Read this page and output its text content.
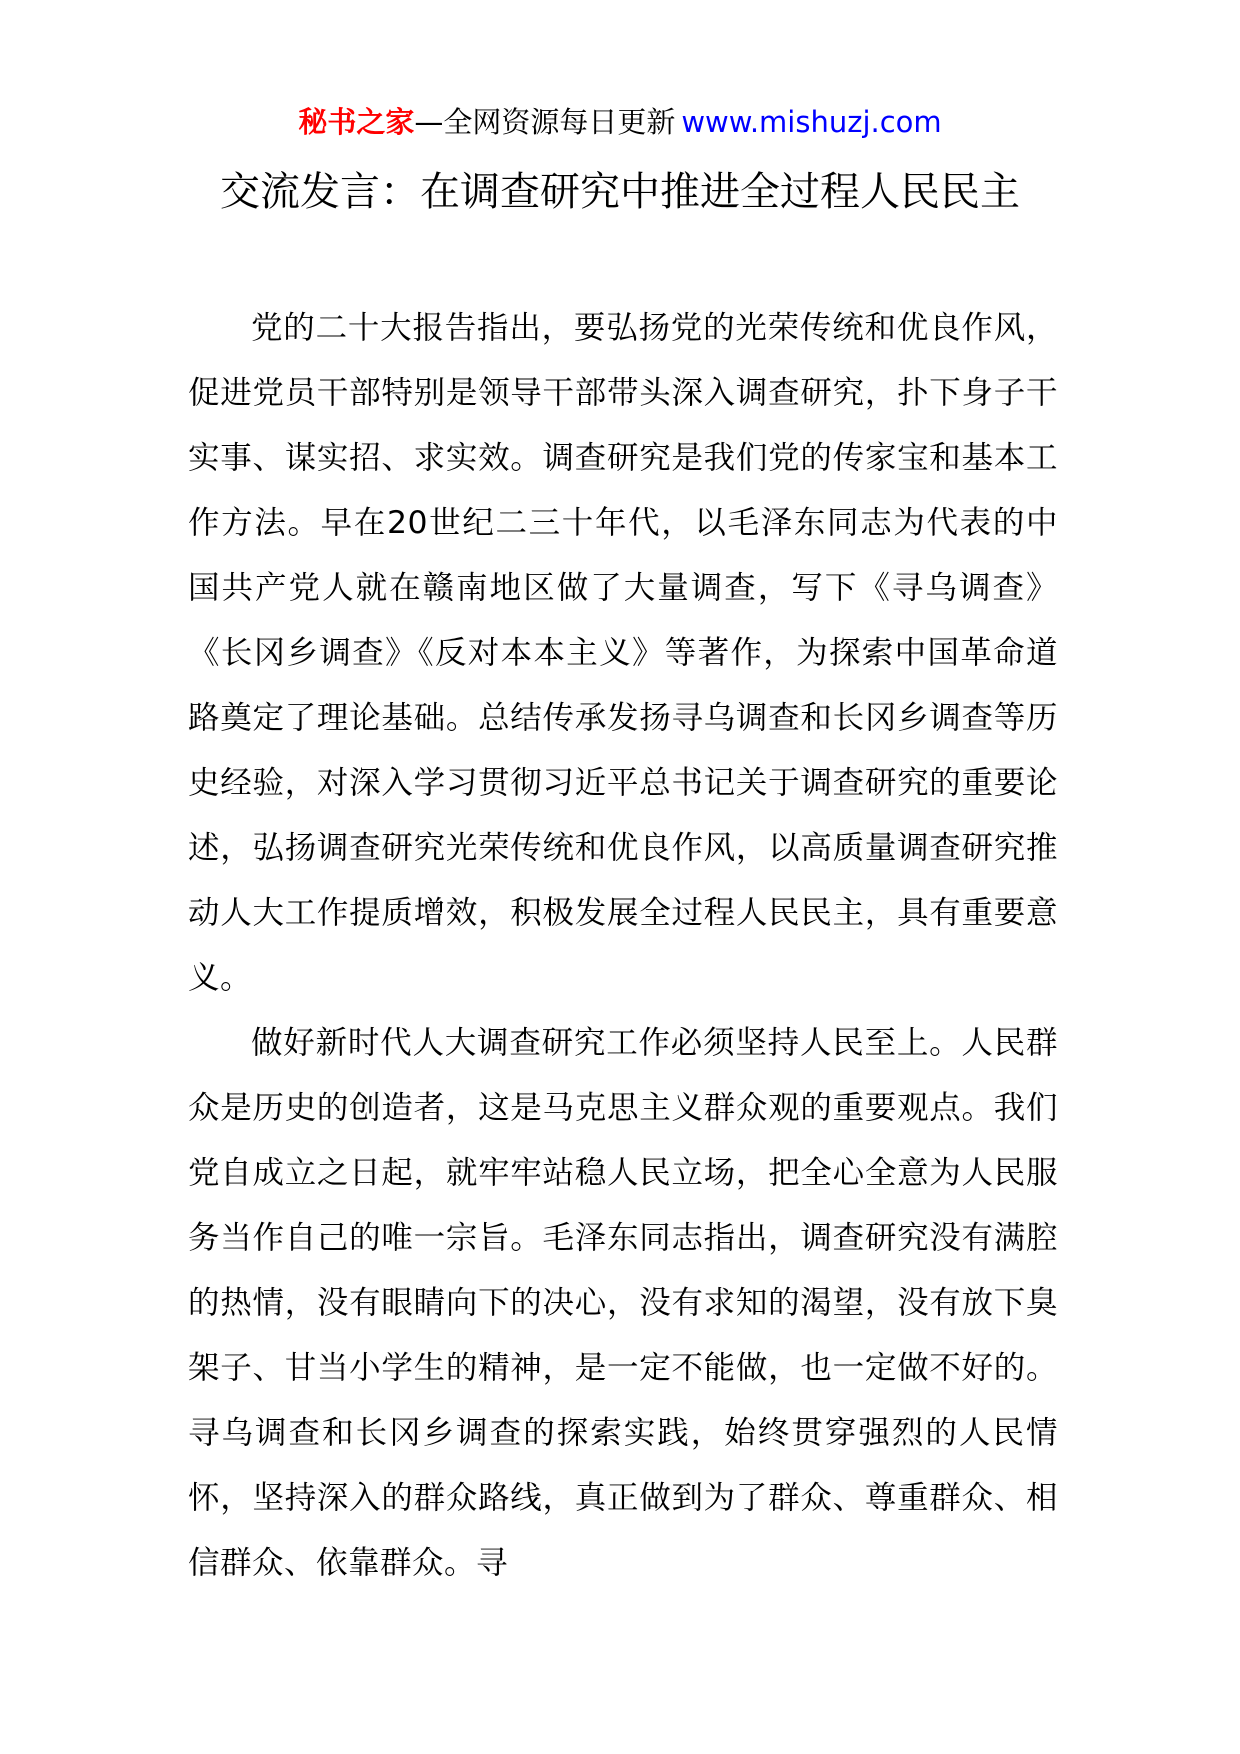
秘书之家—全网资源每日更新 www.mishuzj.com
交流发言：在调查研究中推进全过程人民民主

党的二十大报告指出，要弘扬党的光荣传统和优良作风，促进党员干部特别是领导干部带头深入调查研究，扑下身子干实事、谋实招、求实效。调查研究是我们党的传家宝和基本工作方法。早在20世纪二三十年代，以毛泽东同志为代表的中国共产党人就在赣南地区做了大量调查，写下《寻乌调查》《长冈乡调查》《反对本本主义》等著作，为探索中国革命道路奠定了理论基础。总结传承发扬寻乌调查和长冈乡调查等历史经验，对深入学习贯彻习近平总书记关于调查研究的重要论述，弘扬调查研究光荣传统和优良作风，以高质量调查研究推动人大工作提质增效，积极发展全过程人民民主，具有重要意义。

做好新时代人大调查研究工作必须坚持人民至上。人民群众是历史的创造者，这是马克思主义群众观的重要观点。我们党自成立之日起，就牢牢站稳人民立场，把全心全意为人民服务当作自己的唯一宗旨。毛泽东同志指出，调查研究没有满腔的热情，没有眼睛向下的决心，没有求知的渴望，没有放下臭架子、甘当小学生的精神，是一定不能做，也一定做不好的。寻乌调查和长冈乡调查的探索实践，始终贯穿强烈的人民情怀，坚持深入的群众路线，真正做到为了群众、尊重群众、相信群众、依靠群众。寻
